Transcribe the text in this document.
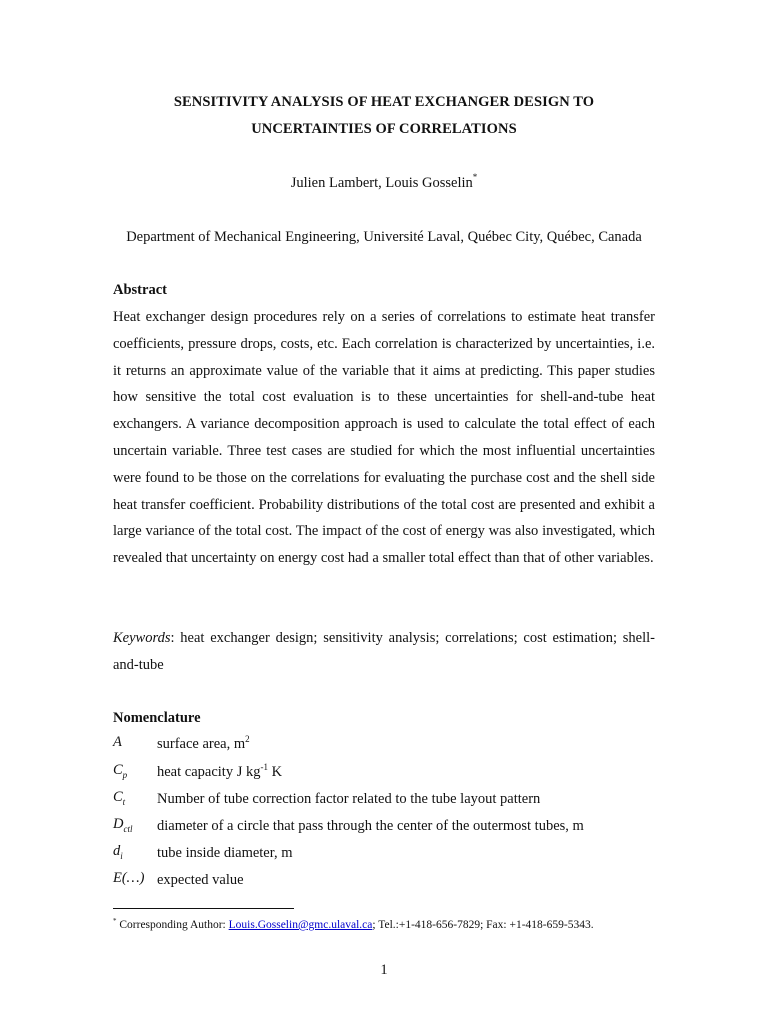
SENSITIVITY ANALYSIS OF HEAT EXCHANGER DESIGN TO
UNCERTAINTIES OF CORRELATIONS
Julien Lambert, Louis Gosselin*
Department of Mechanical Engineering, Université Laval, Québec City, Québec, Canada
Abstract

Heat exchanger design procedures rely on a series of correlations to estimate heat transfer coefficients, pressure drops, costs, etc. Each correlation is characterized by uncertainties, i.e. it returns an approximate value of the variable that it aims at predicting. This paper studies how sensitive the total cost evaluation is to these uncertainties for shell-and-tube heat exchangers. A variance decomposition approach is used to calculate the total effect of each uncertain variable. Three test cases are studied for which the most influential uncertainties were found to be those on the correlations for evaluating the purchase cost and the shell side heat transfer coefficient. Probability distributions of the total cost are presented and exhibit a large variance of the total cost. The impact of the cost of energy was also investigated, which revealed that uncertainty on energy cost had a smaller total effect than that of other variables.

Keywords: heat exchanger design; sensitivity analysis; correlations; cost estimation; shell-and-tube

Nomenclature
A surface area, $m^2$
$C_p$ heat capacity J $kg^{-1}$ K
$C_t$ Number of tube correction factor related to the tube layout pattern
$D_{ctl}$ diameter of a circle that pass through the center of the outermost tubes, m
$d_i$ tube inside diameter, m
E(…) expected value
* Corresponding Author: Louis.Gosselin@gmc.ulaval.ca; Tel.:+1-418-656-7829; Fax: +1-418-659-5343.
1
